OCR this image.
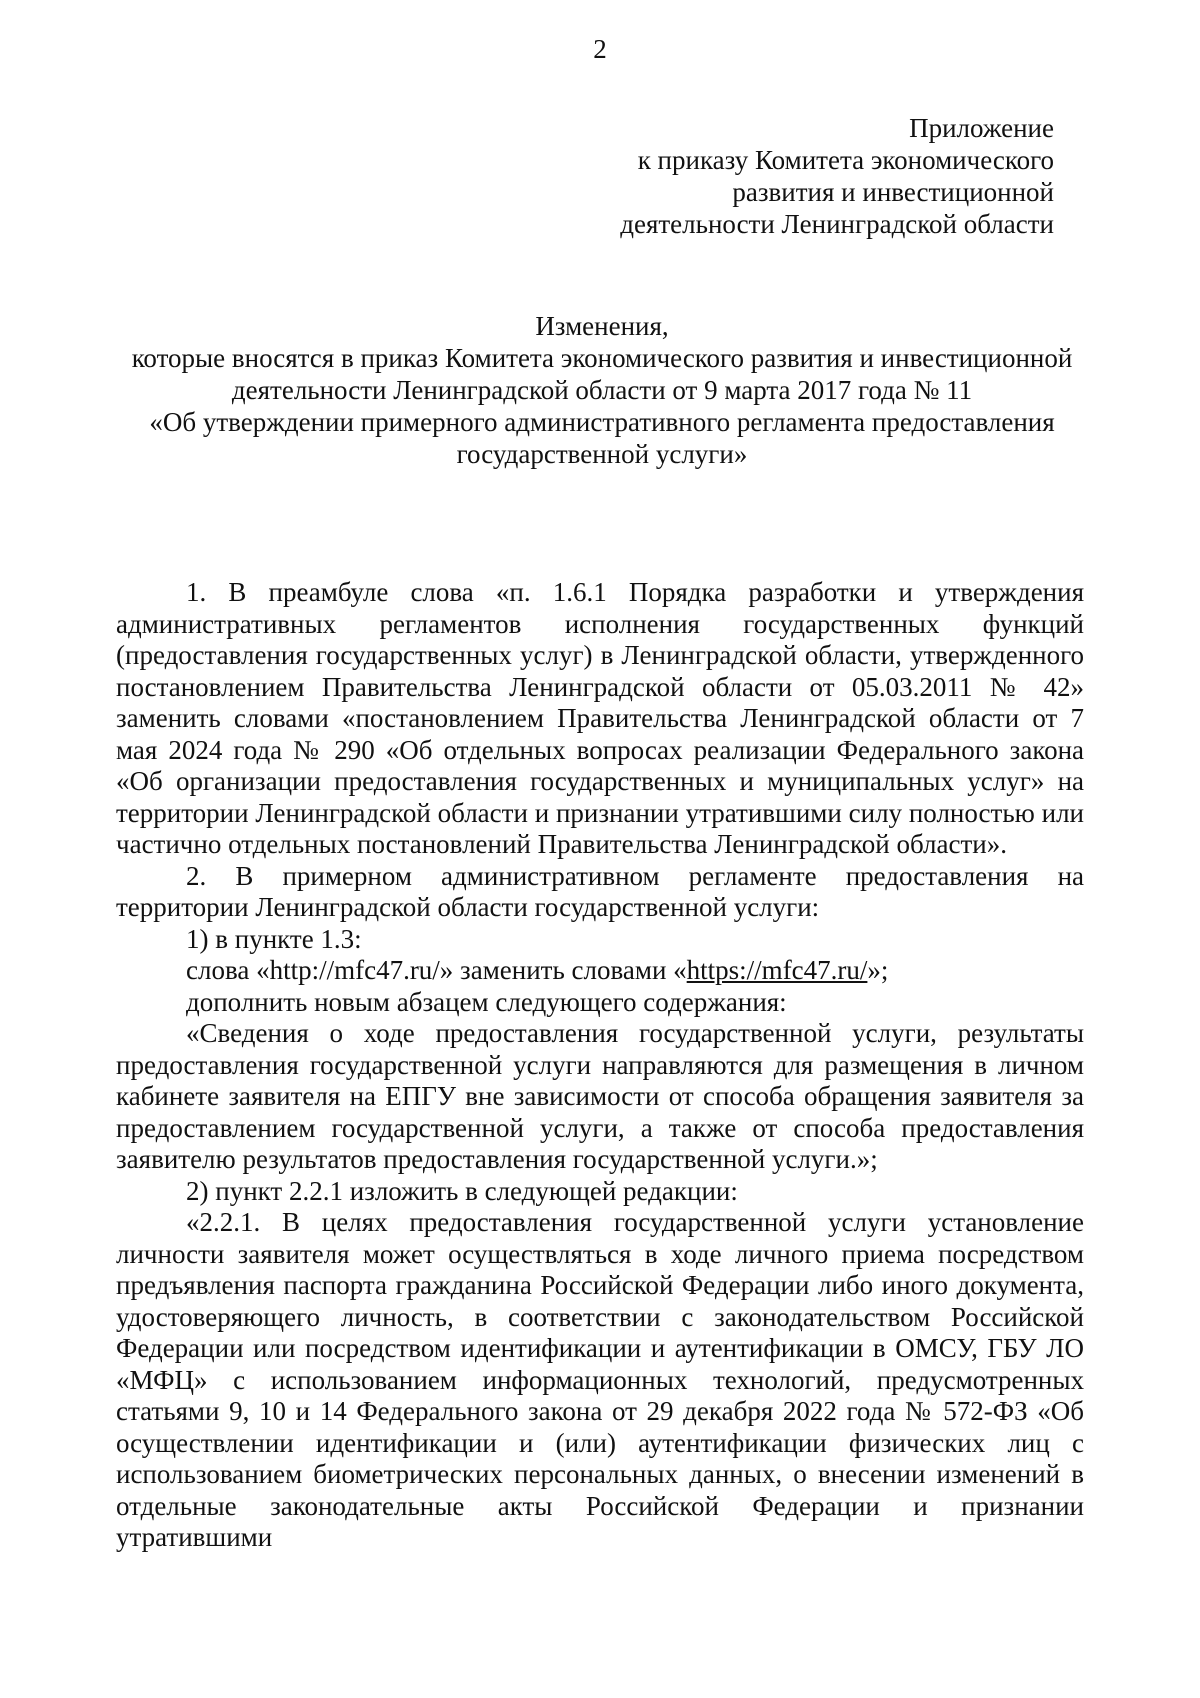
2
Приложение
к приказу Комитета экономического
развития и инвестиционной
деятельности Ленинградской области
Изменения,
которые вносятся в приказ Комитета экономического развития и инвестиционной
деятельности Ленинградской области от 9 марта 2017 года № 11
«Об утверждении примерного административного регламента предоставления
государственной услуги»

1. В преамбуле слова «п. 1.6.1 Порядка разработки и утверждения административных регламентов исполнения государственных функций (предоставления государственных услуг) в Ленинградской области, утвержденного постановлением Правительства Ленинградской области от 05.03.2011 № 42» заменить словами «постановлением Правительства Ленинградской области от 7 мая 2024 года № 290 «Об отдельных вопросах реализации Федерального закона «Об организации предоставления государственных и муниципальных услуг» на территории Ленинградской области и признании утратившими силу полностью или частично отдельных постановлений Правительства Ленинградской области».

2. В примерном административном регламенте предоставления на территории Ленинградской области государственной услуги:

1) в пункте 1.3:

слова «http://mfc47.ru/» заменить словами «https://mfc47.ru/»;

дополнить новым абзацем следующего содержания:

«Сведения о ходе предоставления государственной услуги, результаты предоставления государственной услуги направляются для размещения в личном кабинете заявителя на ЕПГУ вне зависимости от способа обращения заявителя за предоставлением государственной услуги, а также от способа предоставления заявителю результатов предоставления государственной услуги.»;

2) пункт 2.2.1 изложить в следующей редакции:

«2.2.1. В целях предоставления государственной услуги установление личности заявителя может осуществляться в ходе личного приема посредством предъявления паспорта гражданина Российской Федерации либо иного документа, удостоверяющего личность, в соответствии с законодательством Российской Федерации или посредством идентификации и аутентификации в ОМСУ, ГБУ ЛО «МФЦ» с использованием информационных технологий, предусмотренных статьями 9, 10 и 14 Федерального закона от 29 декабря 2022 года № 572-ФЗ «Об осуществлении идентификации и (или) аутентификации физических лиц с использованием биометрических персональных данных, о внесении изменений в отдельные законодательные акты Российской Федерации и признании утратившими
